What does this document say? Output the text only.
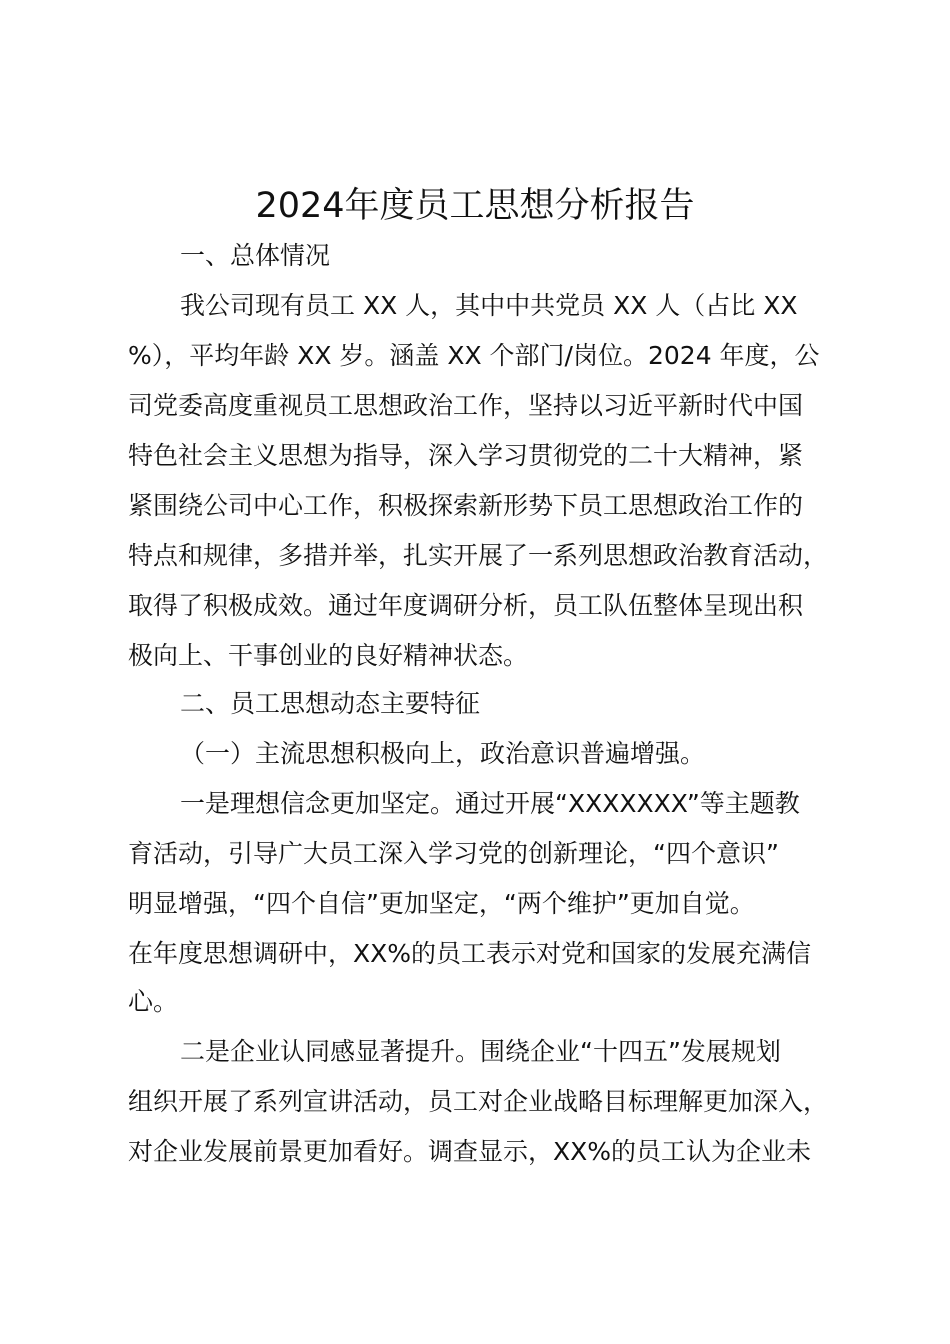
2024年度员工思想分析报告
一、总体情况
我公司现有员工 XX 人，其中中共党员 XX 人（占比 XX
%），平均年龄 XX 岁。涵盖 XX 个部门/岗位。2024 年度，公
司党委高度重视员工思想政治工作，坚持以习近平新时代中国
特色社会主义思想为指导，深入学习贯彻党的二十大精神，紧
紧围绕公司中心工作，积极探索新形势下员工思想政治工作的
特点和规律，多措并举，扎实开展了一系列思想政治教育活动，
取得了积极成效。通过年度调研分析，员工队伍整体呈现出积
极向上、干事创业的良好精神状态。
二、员工思想动态主要特征
（一）主流思想积极向上，政治意识普遍增强。
一是理想信念更加坚定。通过开展“XXXXXXX”等主题教
育活动，引导广大员工深入学习党的创新理论，“四个意识”
明显增强，“四个自信”更加坚定，“两个维护”更加自觉。
在年度思想调研中，XX%的员工表示对党和国家的发展充满信
心。
二是企业认同感显著提升。围绕企业“十四五”发展规划
组织开展了系列宣讲活动，员工对企业战略目标理解更加深入，
对企业发展前景更加看好。调查显示，XX%的员工认为企业未
